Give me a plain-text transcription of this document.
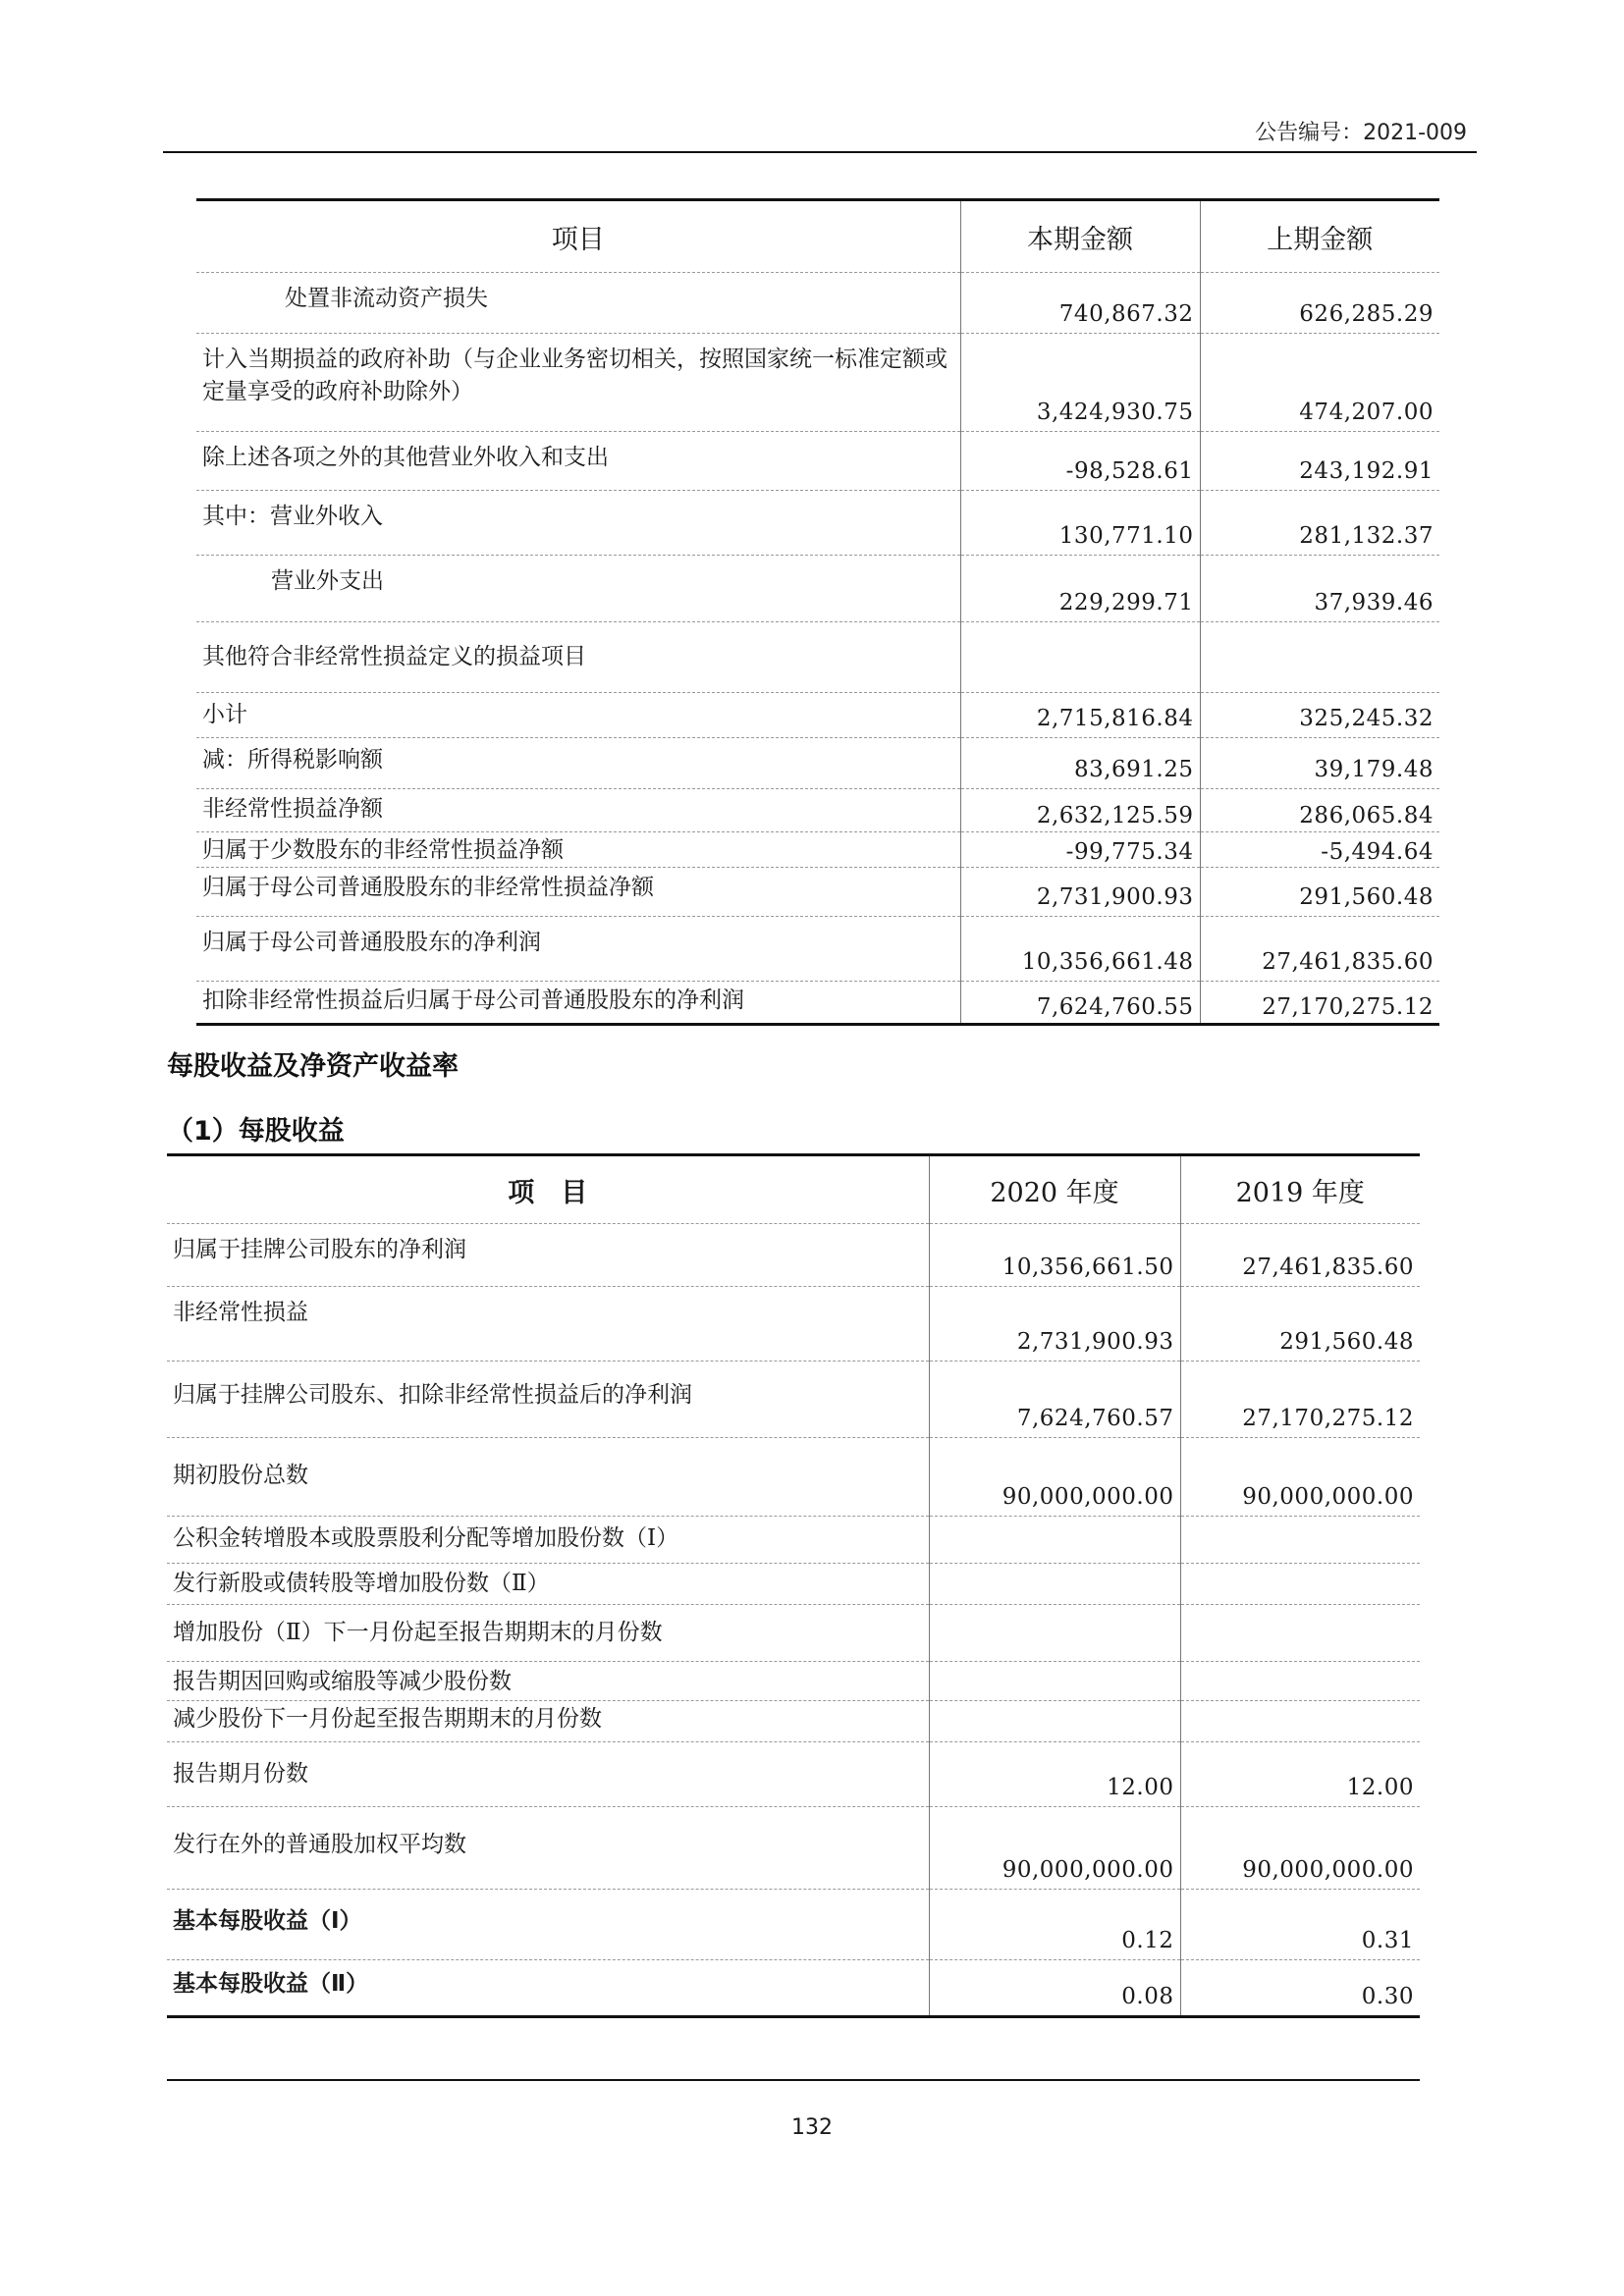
公告编号：2021-009
项目	本期金额	上期金额
处置非流动资产损失	740,867.32	626,285.29
计入当期损益的政府补助（与企业业务密切相关，按照国家统一标准定额或定量享受的政府补助除外）	3,424,930.75	474,207.00
除上述各项之外的其他营业外收入和支出	-98,528.61	243,192.91
其中：营业外收入	130,771.10	281,132.37
营业外支出	229,299.71	37,939.46
其他符合非经常性损益定义的损益项目		
小计	2,715,816.84	325,245.32
减：所得税影响额	83,691.25	39,179.48
非经常性损益净额	2,632,125.59	286,065.84
归属于少数股东的非经常性损益净额	-99,775.34	-5,494.64
归属于母公司普通股股东的非经常性损益净额	2,731,900.93	291,560.48
归属于母公司普通股股东的净利润	10,356,661.48	27,461,835.60
扣除非经常性损益后归属于母公司普通股股东的净利润	7,624,760.55	27,170,275.12
每股收益及净资产收益率
（1）每股收益
项　目	2020 年度	2019 年度
归属于挂牌公司股东的净利润	10,356,661.50	27,461,835.60
非经常性损益	2,731,900.93	291,560.48
归属于挂牌公司股东、扣除非经常性损益后的净利润	7,624,760.57	27,170,275.12
期初股份总数	90,000,000.00	90,000,000.00
公积金转增股本或股票股利分配等增加股份数（Ⅰ）		
发行新股或债转股等增加股份数（Ⅱ）		
增加股份（Ⅱ）下一月份起至报告期期末的月份数		
报告期因回购或缩股等减少股份数		
减少股份下一月份起至报告期期末的月份数		
报告期月份数	12.00	12.00
发行在外的普通股加权平均数	90,000,000.00	90,000,000.00
基本每股收益（Ⅰ）	0.12	0.31
基本每股收益（Ⅱ）	0.08	0.30
132
